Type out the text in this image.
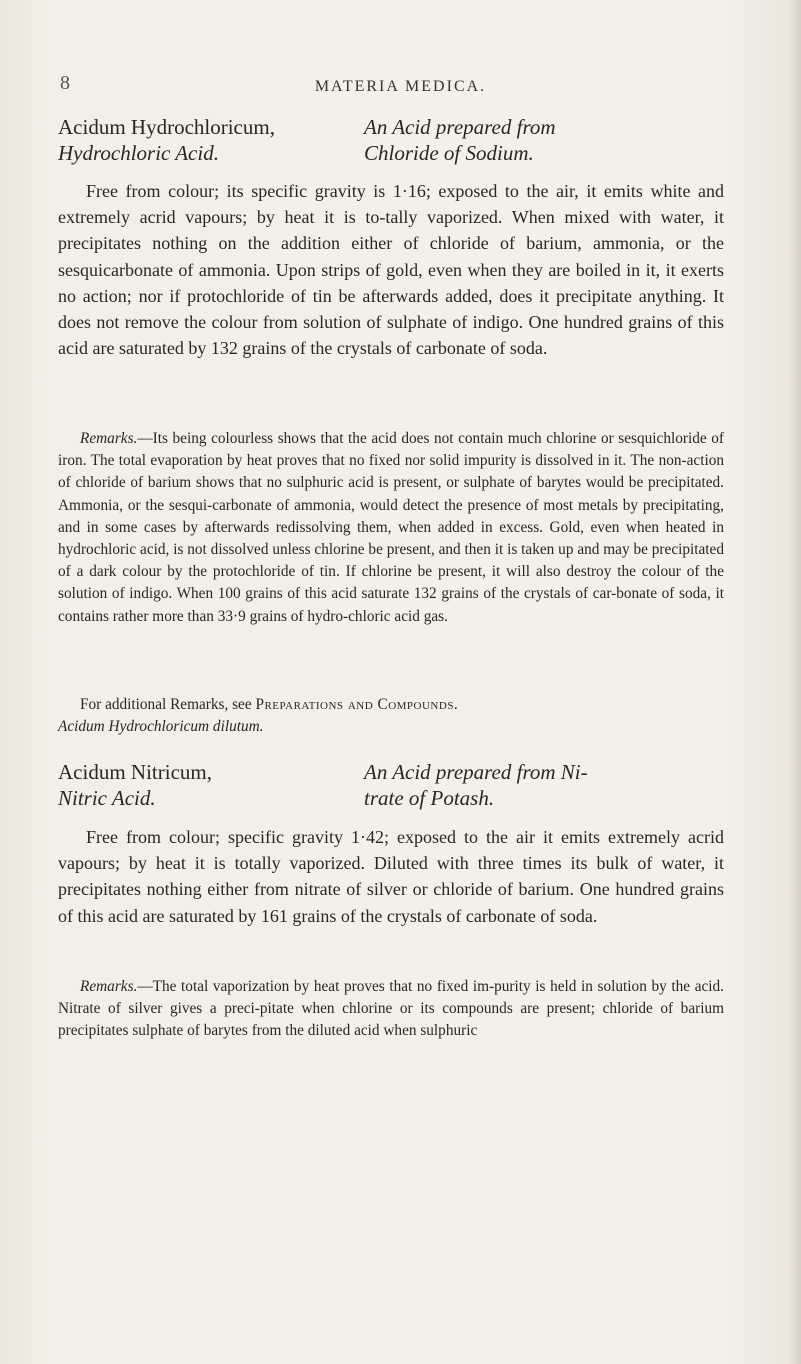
8	MATERIA MEDICA.
Acidum Hydrochloricum,	An Acid prepared from
Hydrochloric Acid.	Chloride of Sodium.

Free from colour; its specific gravity is 1·16; exposed to the air, it emits white and extremely acrid vapours; by heat it is to-tally vaporized. When mixed with water, it precipitates nothing on the addition either of chloride of barium, ammonia, or the sesquicarbonate of ammonia. Upon strips of gold, even when they are boiled in it, it exerts no action; nor if protochloride of tin be afterwards added, does it precipitate anything. It does not remove the colour from solution of sulphate of indigo. One hundred grains of this acid are saturated by 132 grains of the crystals of carbonate of soda.

Remarks.—Its being colourless shows that the acid does not contain much chlorine or sesquichloride of iron. The total evaporation by heat proves that no fixed nor solid impurity is dissolved in it. The non-action of chloride of barium shows that no sulphuric acid is present, or sulphate of barytes would be precipitated. Ammonia, or the sesqui-carbonate of ammonia, would detect the presence of most metals by precipitating, and in some cases by afterwards redissolving them, when added in excess. Gold, even when heated in hydrochloric acid, is not dissolved unless chlorine be present, and then it is taken up and may be precipitated of a dark colour by the protochloride of tin. If chlorine be present, it will also destroy the colour of the solution of indigo. When 100 grains of this acid saturate 132 grains of the crystals of car-bonate of soda, it contains rather more than 33·9 grains of hydro-chloric acid gas.

For additional Remarks, see Preparations and Compounds.
Acidum Hydrochloricum dilutum.

Acidum Nitricum,	An Acid prepared from Ni-
Nitric Acid.	trate of Potash.

Free from colour; specific gravity 1·42; exposed to the air it emits extremely acrid vapours; by heat it is totally vaporized. Diluted with three times its bulk of water, it precipitates nothing either from nitrate of silver or chloride of barium. One hundred grains of this acid are saturated by 161 grains of the crystals of carbonate of soda.

Remarks.—The total vaporization by heat proves that no fixed im-purity is held in solution by the acid. Nitrate of silver gives a preci-pitate when chlorine or its compounds are present; chloride of barium precipitates sulphate of barytes from the diluted acid when sulphuric
